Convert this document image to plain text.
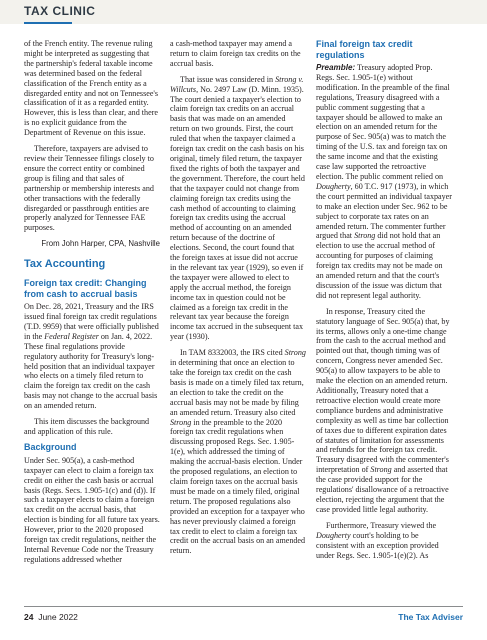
TAX CLINIC

of the French entity. The revenue ruling might be interpreted as suggesting that the partnership's federal taxable income was determined based on the federal classification of the French entity as a disregarded entity and not on Tennessee's classification of it as a regarded entity. However, this is less than clear, and there is no explicit guidance from the Department of Revenue on this issue.

Therefore, taxpayers are advised to review their Tennessee filings closely to ensure the correct entity or combined group is filing and that sales of partnership or membership interests and other transactions with the federally disregarded or passthrough entities are properly analyzed for Tennessee FAE purposes.

From John Harper, CPA, Nashville

Tax Accounting
Foreign tax credit: Changing from cash to accrual basis

On Dec. 28, 2021, Treasury and the IRS issued final foreign tax credit regulations (T.D. 9959) that were officially published in the Federal Register on Jan. 4, 2022. These final regulations provide regulatory authority for Treasury's long-held position that an individual taxpayer who elects on a timely filed return to claim the foreign tax credit on the cash basis may not change to the accrual basis on an amended return.

This item discusses the background and application of this rule.

Background

Under Sec. 905(a), a cash-method taxpayer can elect to claim a foreign tax credit on either the cash basis or accrual basis (Regs. Secs. 1.905-1(c) and (d)). If such a taxpayer elects to claim a foreign tax credit on the accrual basis, that election is binding for all future tax years. However, prior to the 2020 proposed foreign tax credit regulations, neither the Internal Revenue Code nor the Treasury regulations addressed whether

a cash-method taxpayer may amend a return to claim foreign tax credits on the accrual basis.

That issue was considered in Strong v. Willcuts, No. 2497 Law (D. Minn. 1935). The court denied a taxpayer's election to claim foreign tax credits on an accrual basis that was made on an amended return on two grounds. First, the court ruled that when the taxpayer claimed a foreign tax credit on the cash basis on his original, timely filed return, the taxpayer fixed the rights of both the taxpayer and the government. Therefore, the court held that the taxpayer could not change from claiming foreign tax credits using the cash method of accounting to claiming foreign tax credits using the accrual method of accounting on an amended return because of the doctrine of elections. Second, the court found that the foreign taxes at issue did not accrue in the relevant tax year (1929), so even if the taxpayer were allowed to elect to apply the accrual method, the foreign income tax in question could not be claimed as a foreign tax credit in the relevant tax year because the foreign income tax accrued in the subsequent tax year (1930).

In TAM 8332003, the IRS cited Strong in determining that once an election to take the foreign tax credit on the cash basis is made on a timely filed tax return, an election to take the credit on the accrual basis may not be made by filing an amended return. Treasury also cited Strong in the preamble to the 2020 foreign tax credit regulations when discussing proposed Regs. Sec. 1.905-1(e), which addressed the timing of making the accrual-basis election. Under the proposed regulations, an election to claim foreign taxes on the accrual basis must be made on a timely filed, original return. The proposed regulations also provided an exception for a taxpayer who has never previously claimed a foreign tax credit to elect to claim a foreign tax credit on the accrual basis on an amended return.

Final foreign tax credit regulations

Preamble: Treasury adopted Prop. Regs. Sec. 1.905-1(e) without modification. In the preamble of the final regulations, Treasury disagreed with a public comment suggesting that a taxpayer should be allowed to make an election on an amended return for the purpose of Sec. 905(a) was to match the timing of the U.S. tax and foreign tax on the same income and that the existing case law supported the retroactive election. The public comment relied on Dougherty, 60 T.C. 917 (1973), in which the court permitted an individual taxpayer to make an election under Sec. 962 to be subject to corporate tax rates on an amended return. The commenter further argued that Strong did not hold that an election to use the accrual method of accounting for purposes of claiming foreign tax credits may not be made on an amended return and that the court's discussion of the issue was dictum that did not represent legal authority.

In response, Treasury cited the statutory language of Sec. 905(a) that, by its terms, allows only a one-time change from the cash to the accrual method and pointed out that, though timing was of concern, Congress never amended Sec. 905(a) to allow taxpayers to be able to make the election on an amended return. Additionally, Treasury noted that a retroactive election would create more compliance burdens and administrative complexity as well as time bar collection of taxes due to different expiration dates of statutes of limitation for assessments and refunds for the foreign tax credit. Treasury disagreed with the commenter's interpretation of Strong and asserted that the case provided support for the regulations' disallowance of a retroactive election, rejecting the argument that the case provided little legal authority.

Furthermore, Treasury viewed the Dougherty court's holding to be consistent with an exception provided under Regs. Sec. 1.905-1(e)(2). As

24 June 2022	The Tax Adviser
